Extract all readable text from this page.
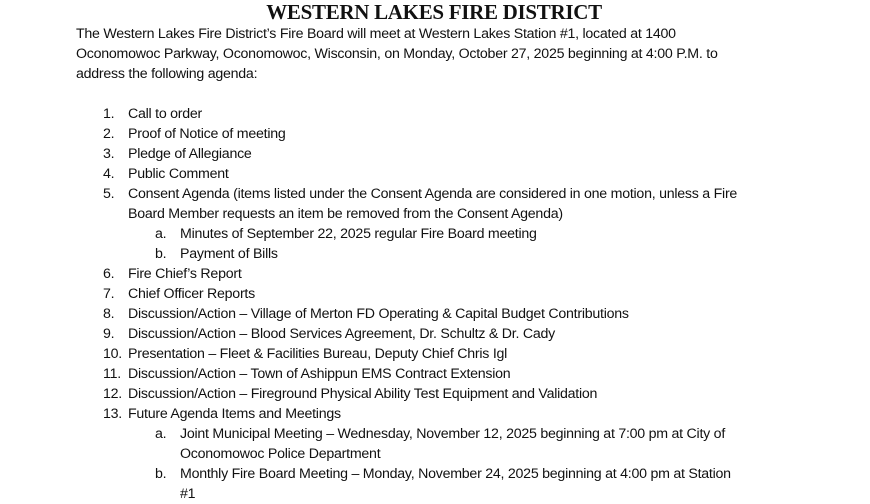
WESTERN LAKES FIRE DISTRICT
The Western Lakes Fire District’s Fire Board will meet at Western Lakes Station #1, located at 1400
Oconomowoc Parkway, Oconomowoc, Wisconsin, on Monday, October 27, 2025 beginning at 4:00 P.M. to
address the following agenda:
1. Call to order
2. Proof of Notice of meeting
3. Pledge of Allegiance
4. Public Comment
5. Consent Agenda (items listed under the Consent Agenda are considered in one motion, unless a Fire
Board Member requests an item be removed from the Consent Agenda)
a. Minutes of September 22, 2025 regular Fire Board meeting
b. Payment of Bills
6. Fire Chief’s Report
7. Chief Officer Reports
8. Discussion/Action – Village of Merton FD Operating & Capital Budget Contributions
9. Discussion/Action – Blood Services Agreement, Dr. Schultz & Dr. Cady
10. Presentation – Fleet & Facilities Bureau, Deputy Chief Chris Igl
11. Discussion/Action – Town of Ashippun EMS Contract Extension
12. Discussion/Action – Fireground Physical Ability Test Equipment and Validation
13. Future Agenda Items and Meetings
a. Joint Municipal Meeting – Wednesday, November 12, 2025 beginning at 7:00 pm at City of
Oconomowoc Police Department
b. Monthly Fire Board Meeting – Monday, November 24, 2025 beginning at 4:00 pm at Station
#1
